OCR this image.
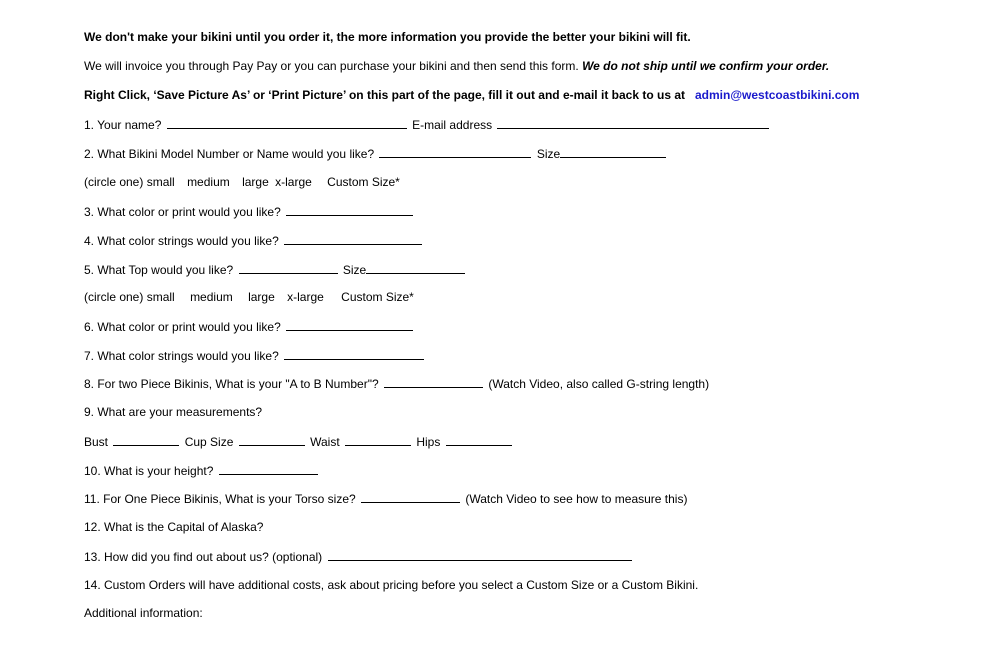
We don't make your bikini until you order it, the more information you provide the better your bikini will fit.
We will invoice you through Pay Pay or you can purchase your bikini and then send this form. We do not ship until we confirm your order.
Right Click, ‘Save Picture As’ or ‘Print Picture’ on this part of the page, fill it out and e-mail it back to us at admin@westcoastbikini.com
1. Your name?	E-mail address
2. What Bikini Model Number or Name would you like?	Size
(circle one) small medium large x-large Custom Size*
3. What color or print would you like?
4. What color strings would you like?
5. What Top would you like?	Size
(circle one) small medium large x-large Custom Size*
6. What color or print would you like?
7. What color strings would you like?
8. For two Piece Bikinis, What is your "A to B Number"?	(Watch Video, also called G-string length)
9. What are your measurements?
Bust	Cup Size	Waist	Hips
10. What is your height?
11. For One Piece Bikinis, What is your Torso size?	(Watch Video to see how to measure this)
12. What is the Capital of Alaska?
13. How did you find out about us? (optional)
14. Custom Orders will have additional costs, ask about pricing before you select a Custom Size or a Custom Bikini.
Additional information:
